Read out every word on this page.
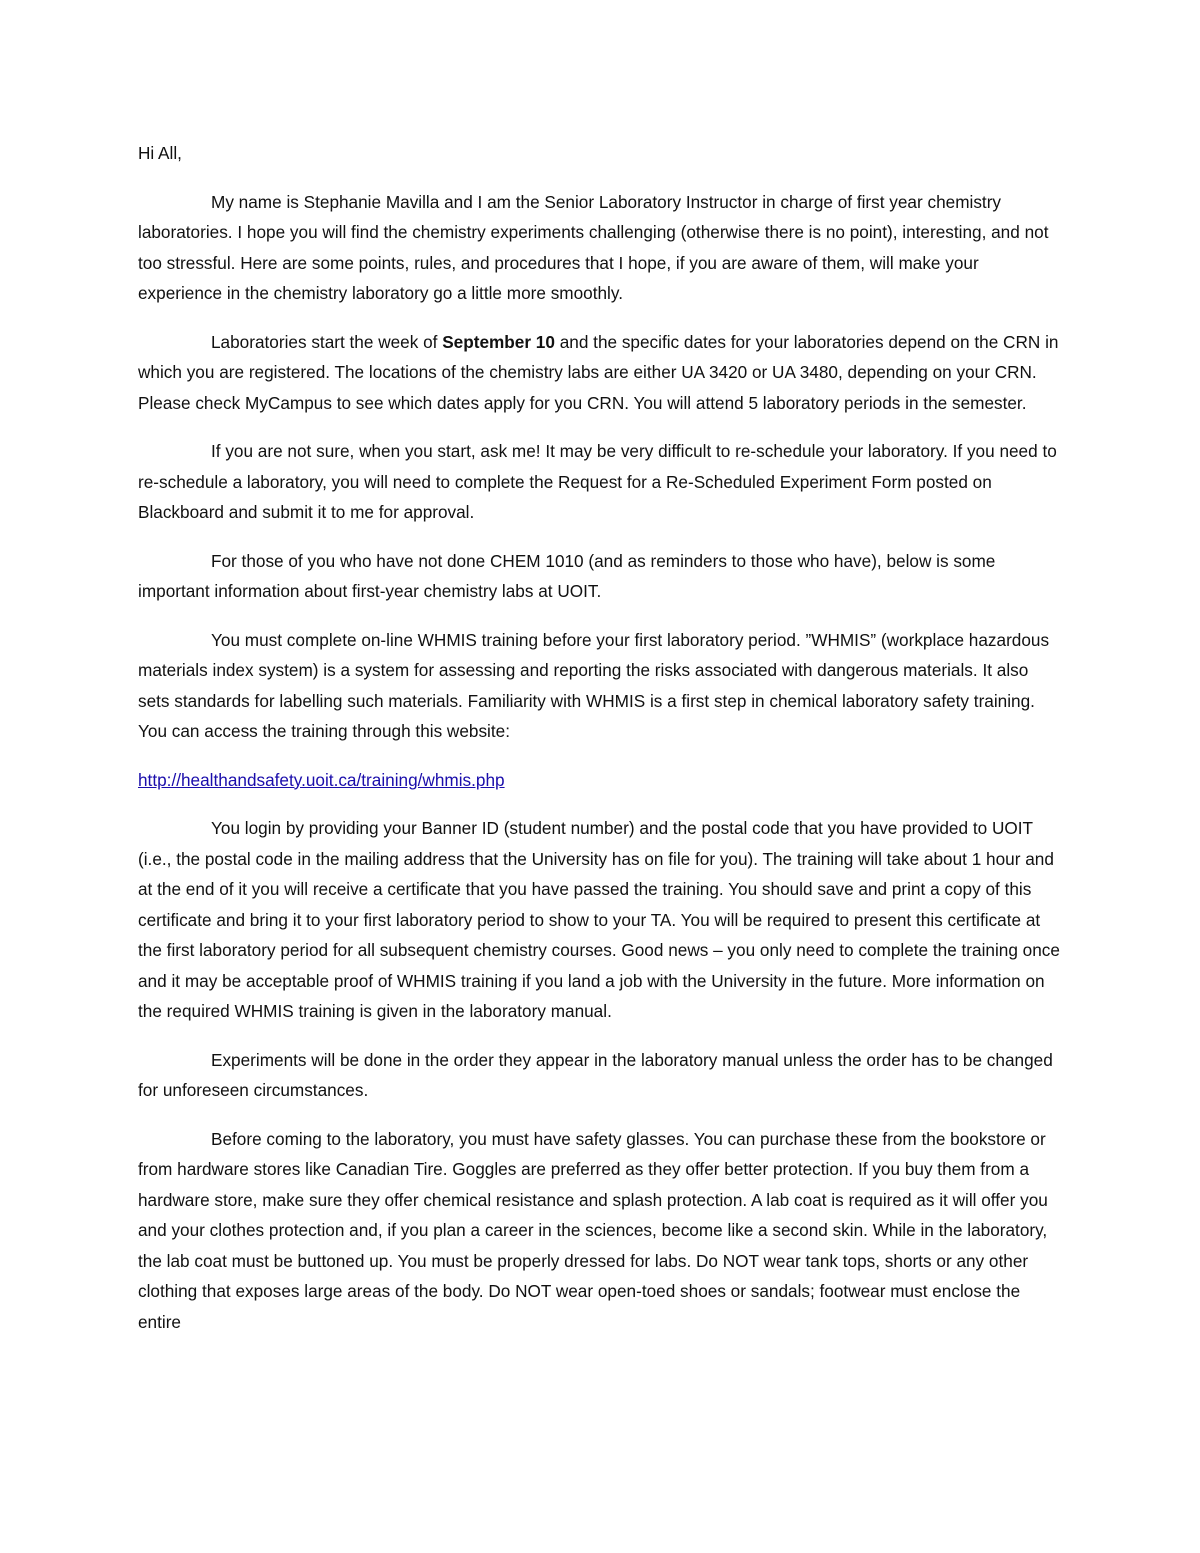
Hi All,

My name is Stephanie Mavilla and I am the Senior Laboratory Instructor in charge of first year chemistry laboratories. I hope you will find the chemistry experiments challenging (otherwise there is no point), interesting, and not too stressful. Here are some points, rules, and procedures that I hope, if you are aware of them, will make your experience in the chemistry laboratory go a little more smoothly.

Laboratories start the week of September 10 and the specific dates for your laboratories depend on the CRN in which you are registered. The locations of the chemistry labs are either UA 3420 or UA 3480, depending on your CRN. Please check MyCampus to see which dates apply for you CRN. You will attend 5 laboratory periods in the semester.

If you are not sure, when you start, ask me! It may be very difficult to re-schedule your laboratory. If you need to re-schedule a laboratory, you will need to complete the Request for a Re-Scheduled Experiment Form posted on Blackboard and submit it to me for approval.

For those of you who have not done CHEM 1010 (and as reminders to those who have), below is some important information about first-year chemistry labs at UOIT.

You must complete on-line WHMIS training before your first laboratory period. ”WHMIS” (workplace hazardous materials index system) is a system for assessing and reporting the risks associated with dangerous materials. It also sets standards for labelling such materials. Familiarity with WHMIS is a first step in chemical laboratory safety training. You can access the training through this website:

http://healthandsafety.uoit.ca/training/whmis.php

You login by providing your Banner ID (student number) and the postal code that you have provided to UOIT (i.e., the postal code in the mailing address that the University has on file for you). The training will take about 1 hour and at the end of it you will receive a certificate that you have passed the training. You should save and print a copy of this certificate and bring it to your first laboratory period to show to your TA. You will be required to present this certificate at the first laboratory period for all subsequent chemistry courses. Good news – you only need to complete the training once and it may be acceptable proof of WHMIS training if you land a job with the University in the future. More information on the required WHMIS training is given in the laboratory manual.

Experiments will be done in the order they appear in the laboratory manual unless the order has to be changed for unforeseen circumstances.

Before coming to the laboratory, you must have safety glasses. You can purchase these from the bookstore or from hardware stores like Canadian Tire. Goggles are preferred as they offer better protection. If you buy them from a hardware store, make sure they offer chemical resistance and splash protection. A lab coat is required as it will offer you and your clothes protection and, if you plan a career in the sciences, become like a second skin. While in the laboratory, the lab coat must be buttoned up. You must be properly dressed for labs. Do NOT wear tank tops, shorts or any other clothing that exposes large areas of the body. Do NOT wear open-toed shoes or sandals; footwear must enclose the entire
